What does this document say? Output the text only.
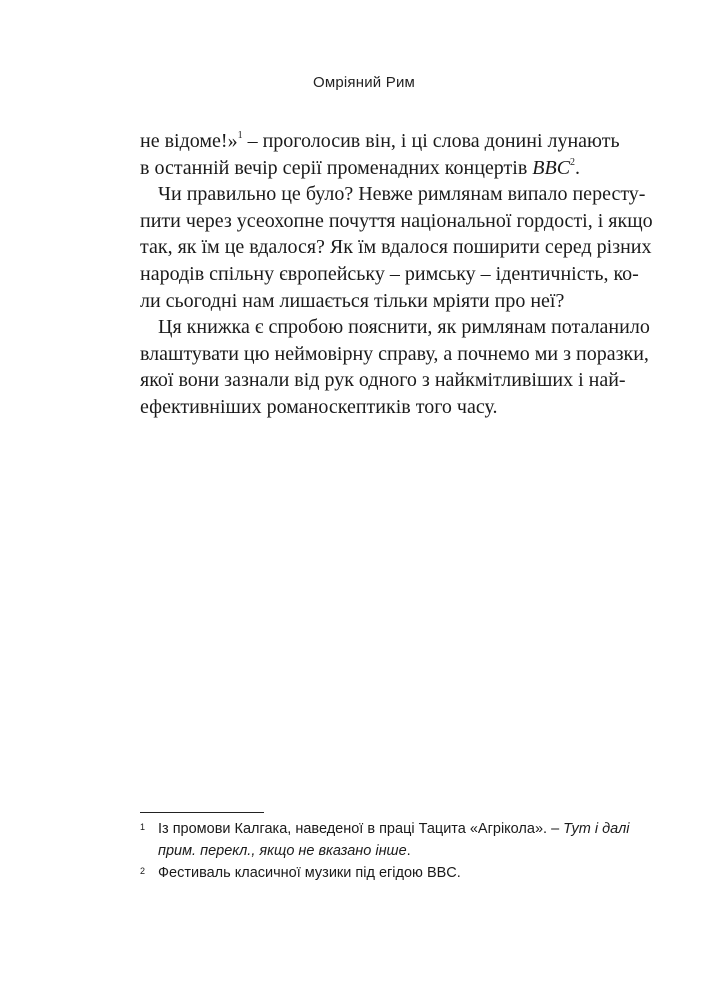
Омріяний Рим

не відоме!»$^1$ – проголосив він, і ці слова донині лунають
в останній вечір серії променадних концертів BBC$^2$.

Чи правильно це було? Невже римлянам випало пересту-
пити через усеохопне почуття національної гордості, і якщо
так, як їм це вдалося? Як їм вдалося поширити серед різних
народів спільну європейську – римську – ідентичність, ко-
ли сьогодні нам лишається тільки мріяти про неї?

Ця книжка є спробою пояснити, як римлянам поталанило
влаштувати цю неймовірну справу, а почнемо ми з поразки,
якої вони зазнали від рук одного з найкмітливіших і най-
ефективніших романоскептиків того часу.

1 Із промови Калгака, наведеної в праці Тацита «Агрікола». – Тут і далі
прим. перекл., якщо не вказано інше.
2 Фестиваль класичної музики під егідою BBC.
